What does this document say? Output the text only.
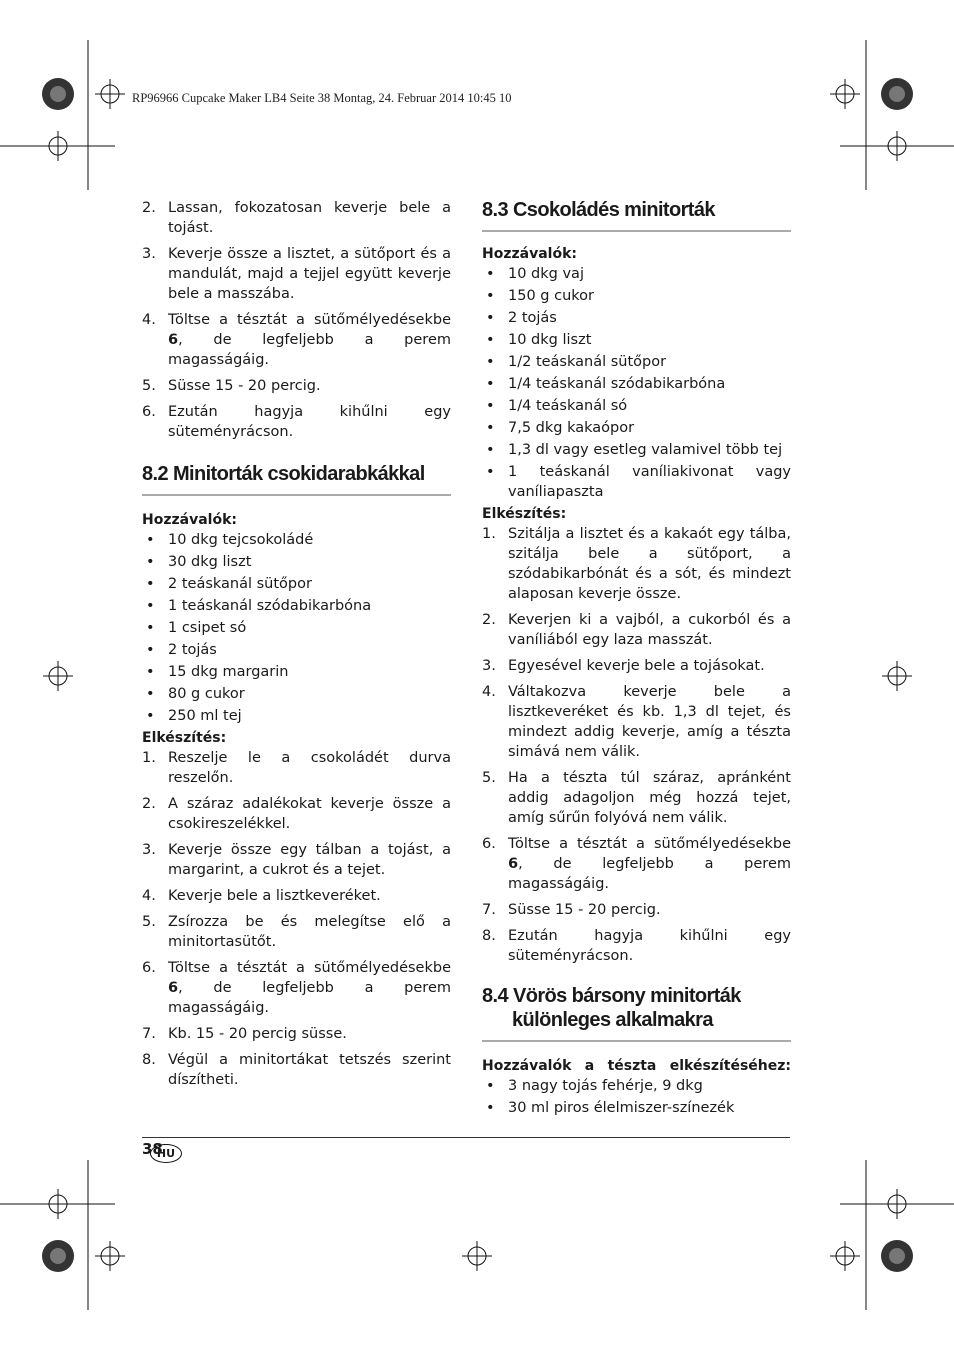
RP96966 Cupcake Maker LB4 Seite 38 Montag, 24. Februar 2014 10:45 10
2. Lassan, fokozatosan keverje bele a tojást.
3. Keverje össze a lisztet, a sütőport és a mandulát, majd a tejjel együtt keverje bele a masszába.
4. Töltse a tésztát a sütőmélyedésekbe 6, de legfeljebb a perem magasságáig.
5. Süsse 15 - 20 percig.
6. Ezután hagyja kihűlni egy süteményrácson.
8.2 Minitorták csokidarabkákkal

Hozzávalók:

• 10 dkg tejcsokoládé
• 30 dkg liszt
• 2 teáskanál sütőpor
• 1 teáskanál szódabikarbóna
• 1 csipet só
• 2 tojás
• 15 dkg margarin
• 80 g cukor
• 250 ml tej

Elkészítés:

1. Reszelje le a csokoládét durva reszelőn.
2. A száraz adalékokat keverje össze a csokireszelékkel.
3. Keverje össze egy tálban a tojást, a margarint, a cukrot és a tejet.
4. Keverje bele a lisztkeveréket.
5. Zsírozza be és melegítse elő a minitortasütőt.
6. Töltse a tésztát a sütőmélyedésekbe 6, de legfeljebb a perem magasságáig.
7. Kb. 15 - 20 percig süsse.
8. Végül a minitortákat tetszés szerint díszítheti.
8.3 Csokoládés minitorták

Hozzávalók:

• 10 dkg vaj
• 150 g cukor
• 2 tojás
• 10 dkg liszt
• 1/2 teáskanál sütőpor
• 1/4 teáskanál szódabikarbóna
• 1/4 teáskanál só
• 7,5 dkg kakaópor
• 1,3 dl vagy esetleg valamivel több tej
• 1 teáskanál vaníliakivonat vagy vaníliapaszta

Elkészítés:

1. Szitálja a lisztet és a kakaót egy tálba, szitálja bele a sütőport, a szódabikarbónát és a sót, és mindezt alaposan keverje össze.
2. Keverjen ki a vajból, a cukorból és a vaníliából egy laza masszát.
3. Egyesével keverje bele a tojásokat.
4. Váltakozva keverje bele a lisztkeveréket és kb. 1,3 dl tejet, és mindezt addig keverje, amíg a tészta simává nem válik.
5. Ha a tészta túl száraz, apránként addig adagoljon még hozzá tejet, amíg sűrűn folyóvá nem válik.
6. Töltse a tésztát a sütőmélyedésekbe 6, de legfeljebb a perem magasságáig.
7. Süsse 15 - 20 percig.
8. Ezután hagyja kihűlni egy süteményrácson.
8.4 Vörös bársony minitorták
különleges alkalmakra

Hozzávalók a tészta elkészítéséhez:

• 3 nagy tojás fehérje, 9 dkg
• 30 ml piros élelmiszer-színezék
38
HU
